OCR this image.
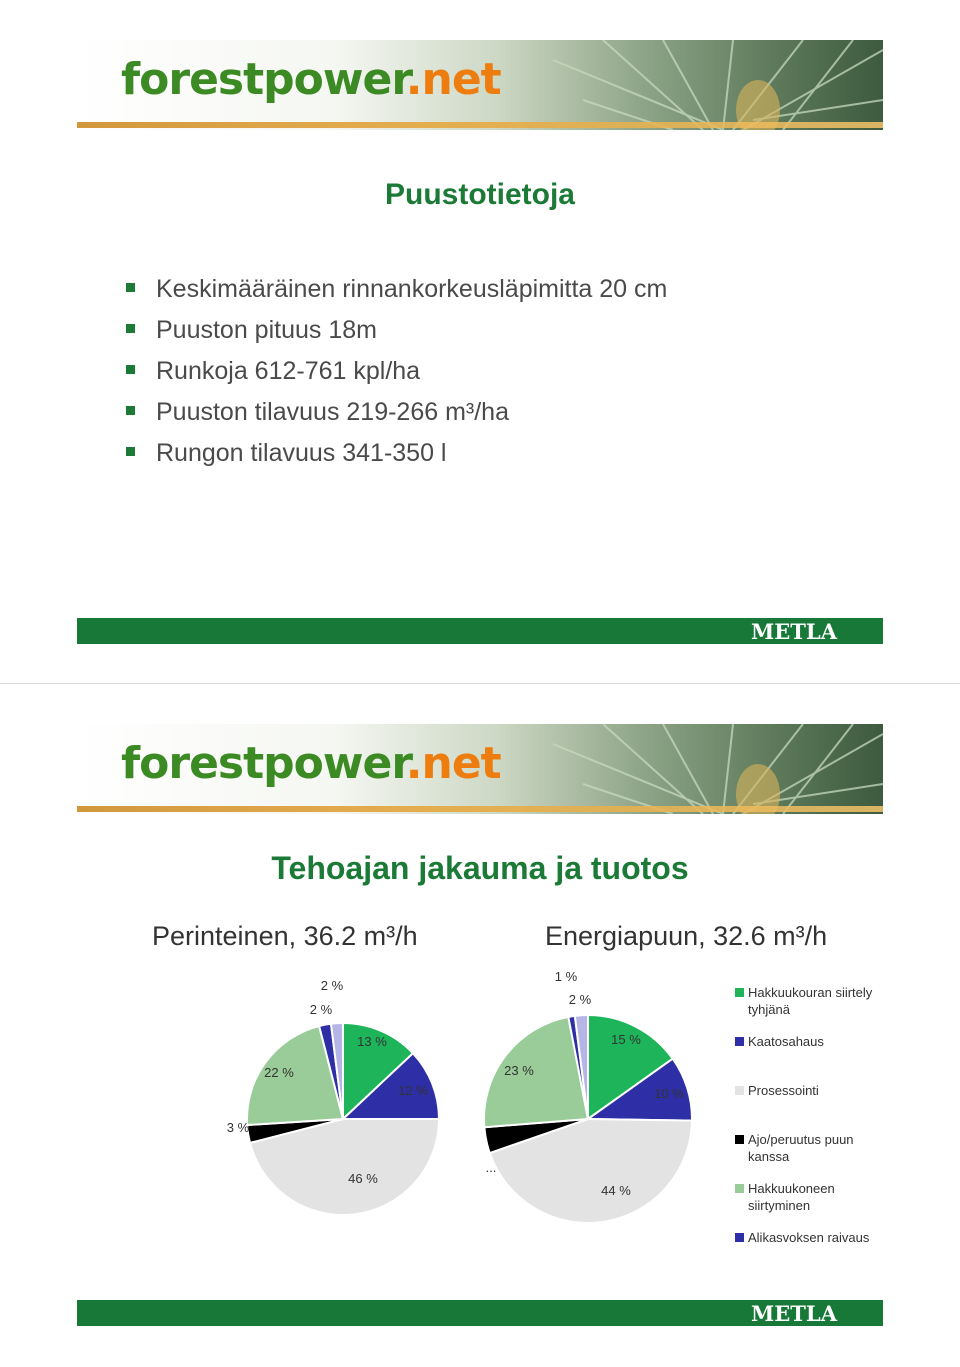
forestpower.net
Puustotietoja
Keskimääräinen rinnankorkeusläpimitta 20 cm
Puuston pituus 18m
Runkoja 612-761 kpl/ha
Puuston tilavuus 219-266 m³/ha
Rungon tilavuus 341-350 l
METLA
forestpower.net
Tehoajan jakauma ja tuotos
Perinteinen, 36.2 m³/h	Energiapuun, 32.6 m³/h
13 %
12 %
46 %
3 %
22 %
2 %
2 %
15 %
10 %
44 %
...
23 %
1 %
2 %	Hakkuukouran siirtely tyhjänä
Kaatosahaus
Prosessointi
Ajo/peruutus puun kanssa
Hakkuukoneen siirtyminen
Alikasvoksen raivaus
METLA
